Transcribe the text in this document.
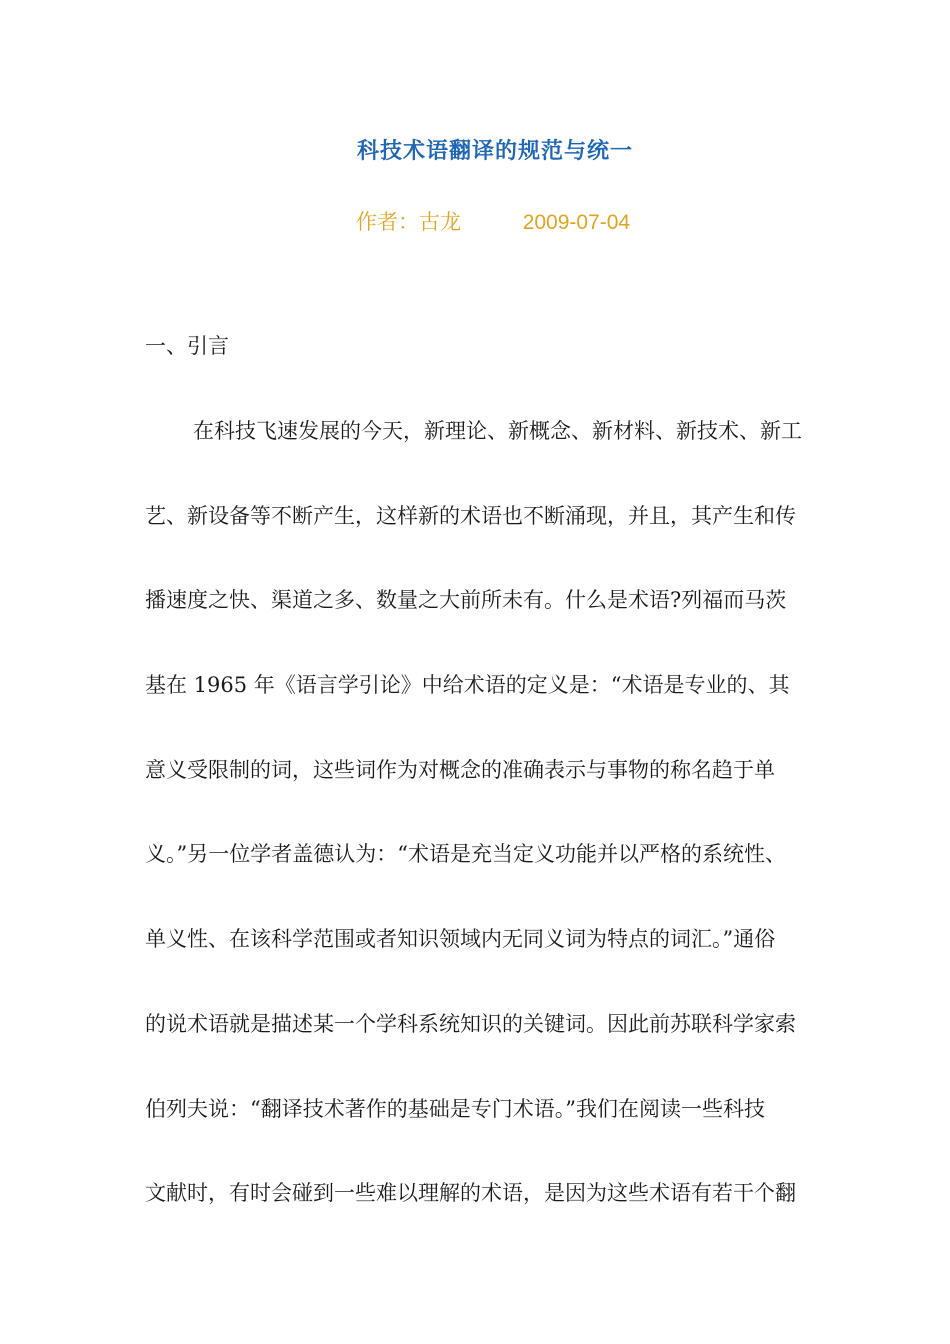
科技术语翻译的规范与统一
作者：古龙	2009-07-04
一、引言
在科技飞速发展的今天，新理论、新概念、新材料、新技术、新工
艺、新设备等不断产生，这样新的术语也不断涌现，并且，其产生和传
播速度之快、渠道之多、数量之大前所未有。什么是术语?列福而马茨
基在 1965 年《语言学引论》中给术语的定义是：“术语是专业的、其
意义受限制的词，这些词作为对概念的准确表示与事物的称名趋于单
义。”另一位学者盖德认为：“术语是充当定义功能并以严格的系统性、
单义性、在该科学范围或者知识领域内无同义词为特点的词汇。”通俗
的说术语就是描述某一个学科系统知识的关键词。因此前苏联科学家索
伯列夫说：“翻译技术著作的基础是专门术语。”我们在阅读一些科技
文献时，有时会碰到一些难以理解的术语，是因为这些术语有若干个翻
